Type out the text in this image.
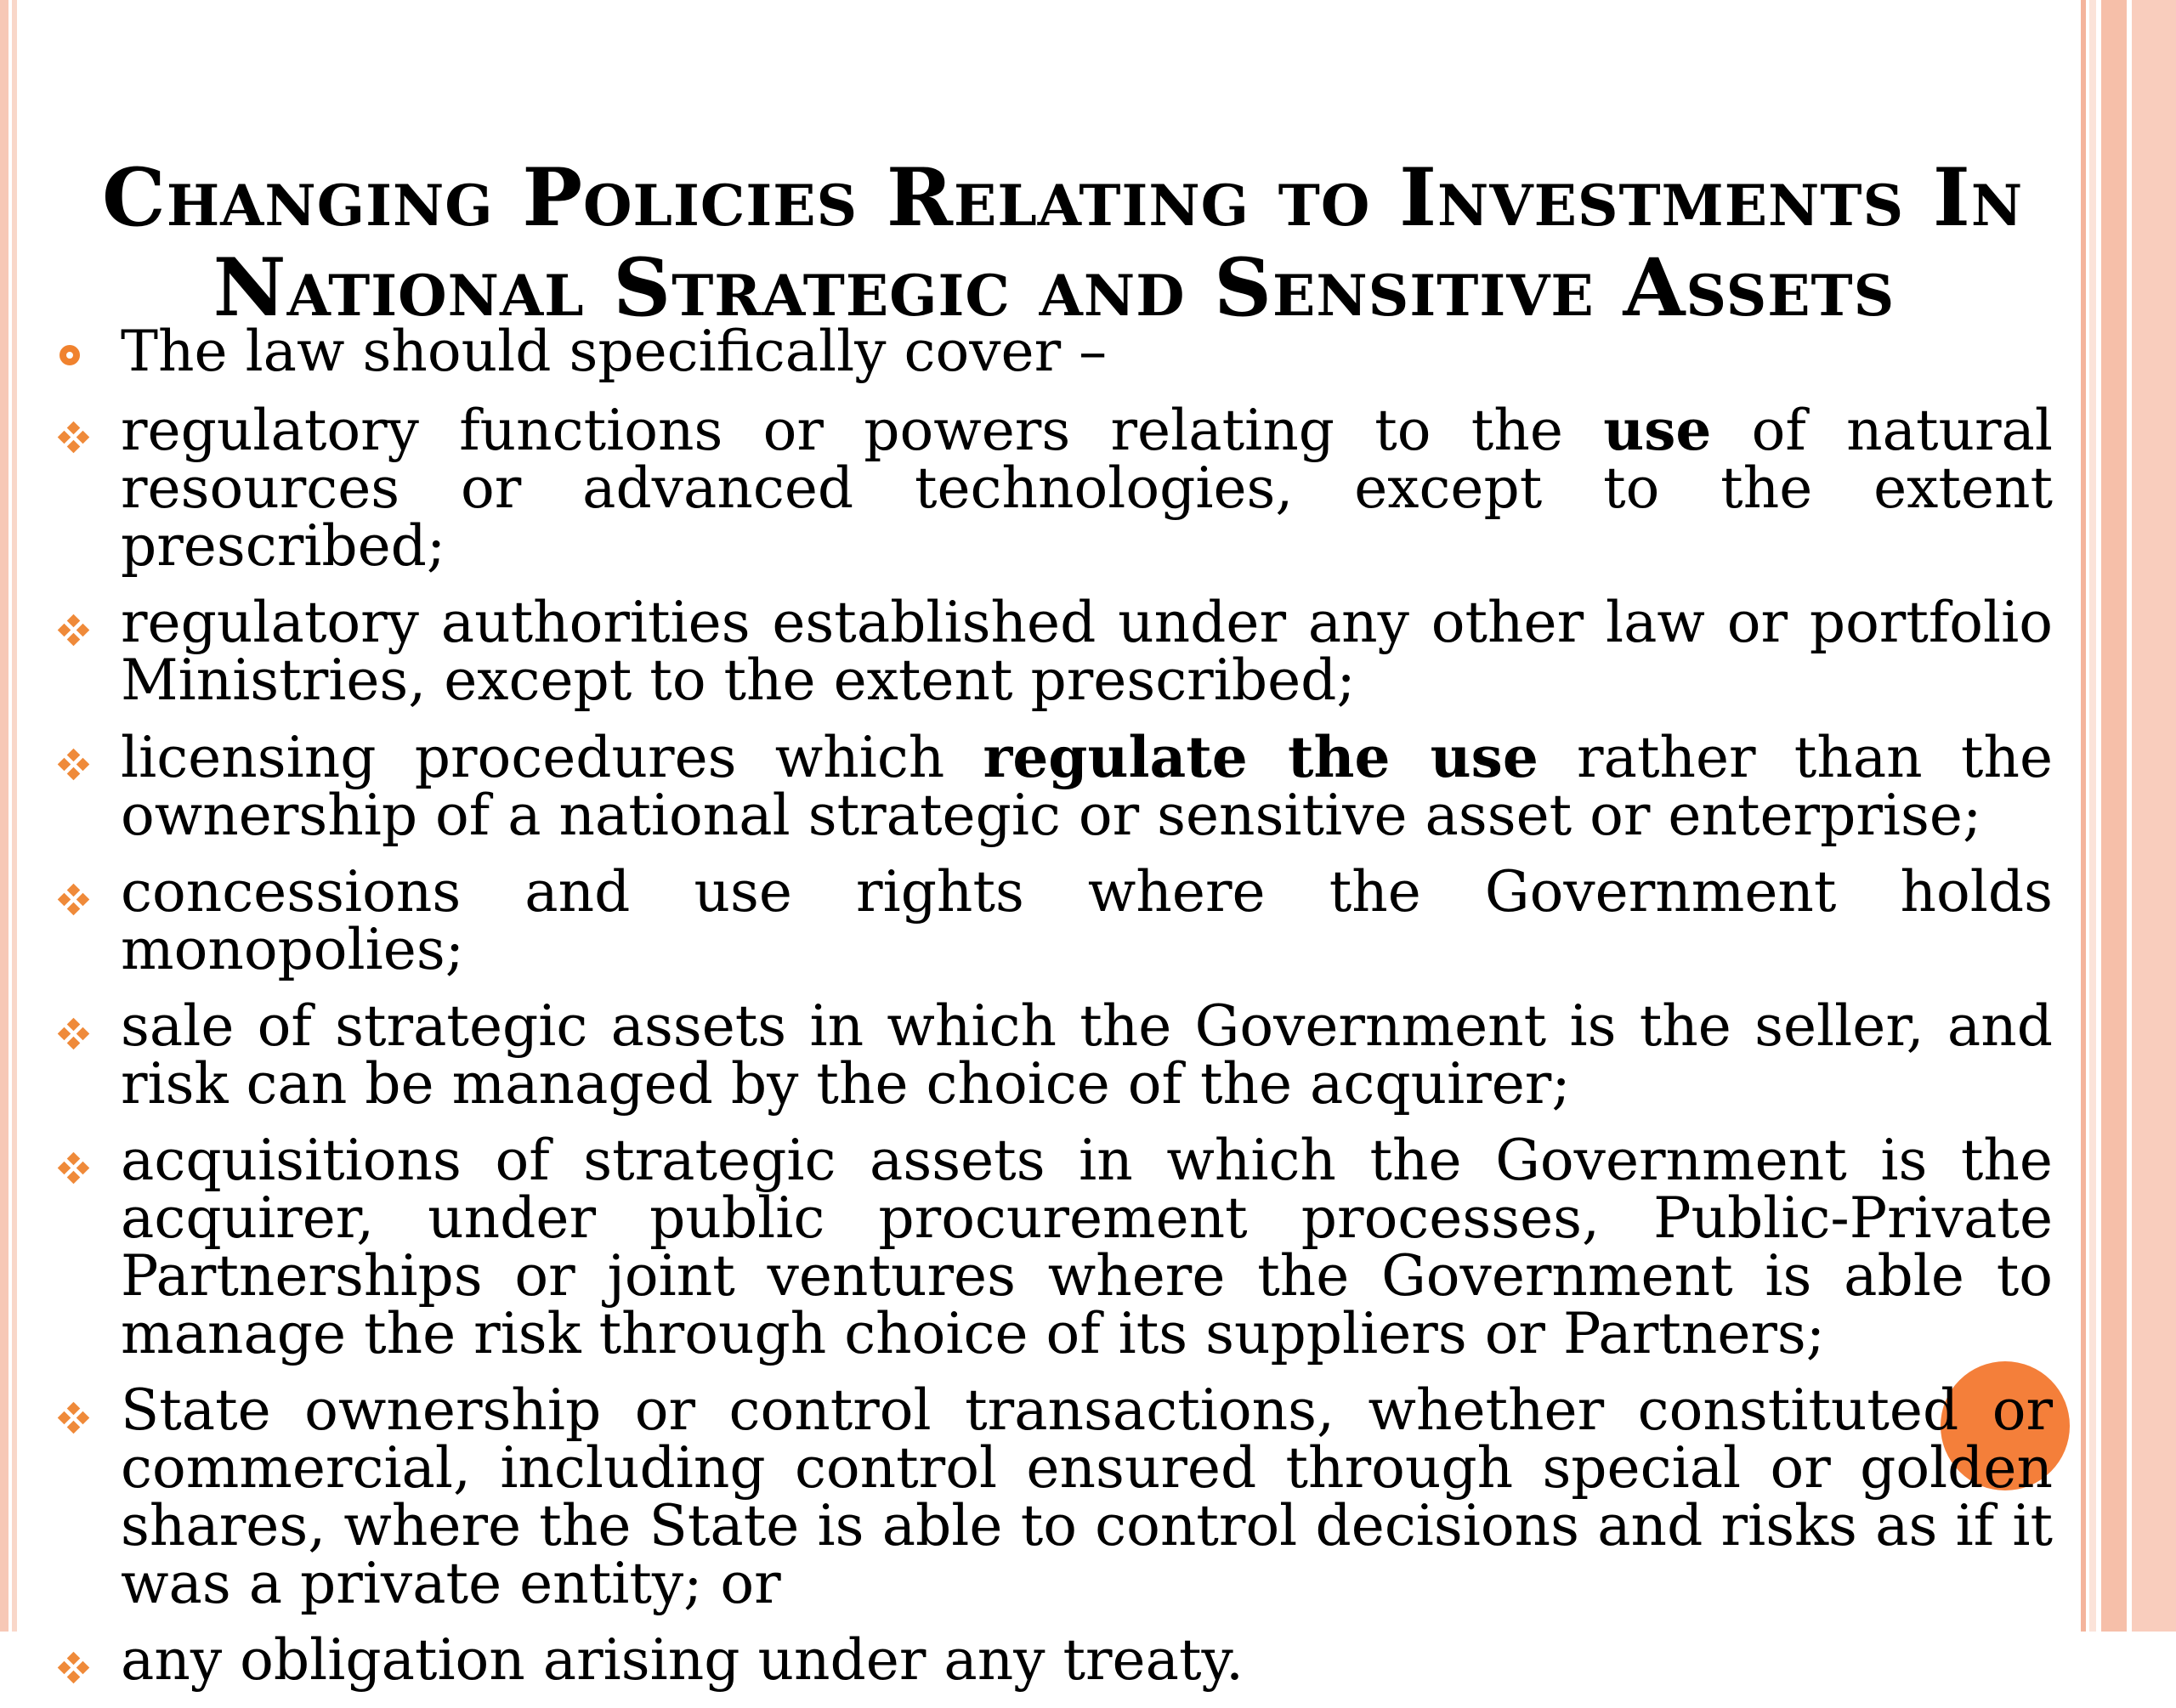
Changing Policies Relating to Investments In
National Strategic and Sensitive Assets
The law should specifically cover –
regulatory functions or powers relating to the use of natural resources or advanced technologies, except to the extent prescribed;
regulatory authorities established under any other law or portfolio Ministries, except to the extent prescribed;
licensing procedures which regulate the use rather than the ownership of a national strategic or sensitive asset or enterprise;
concessions and use rights where the Government holds monopolies;
sale of strategic assets in which the Government is the seller, and risk can be managed by the choice of the acquirer;
acquisitions of strategic assets in which the Government is the acquirer, under public procurement processes, Public-Private Partnerships or joint ventures where the Government is able to manage the risk through choice of its suppliers or Partners;
State ownership or control transactions, whether constituted or commercial, including control ensured through special or golden shares, where the State is able to control decisions and risks as if it was a private entity; or
any obligation arising under any treaty.
